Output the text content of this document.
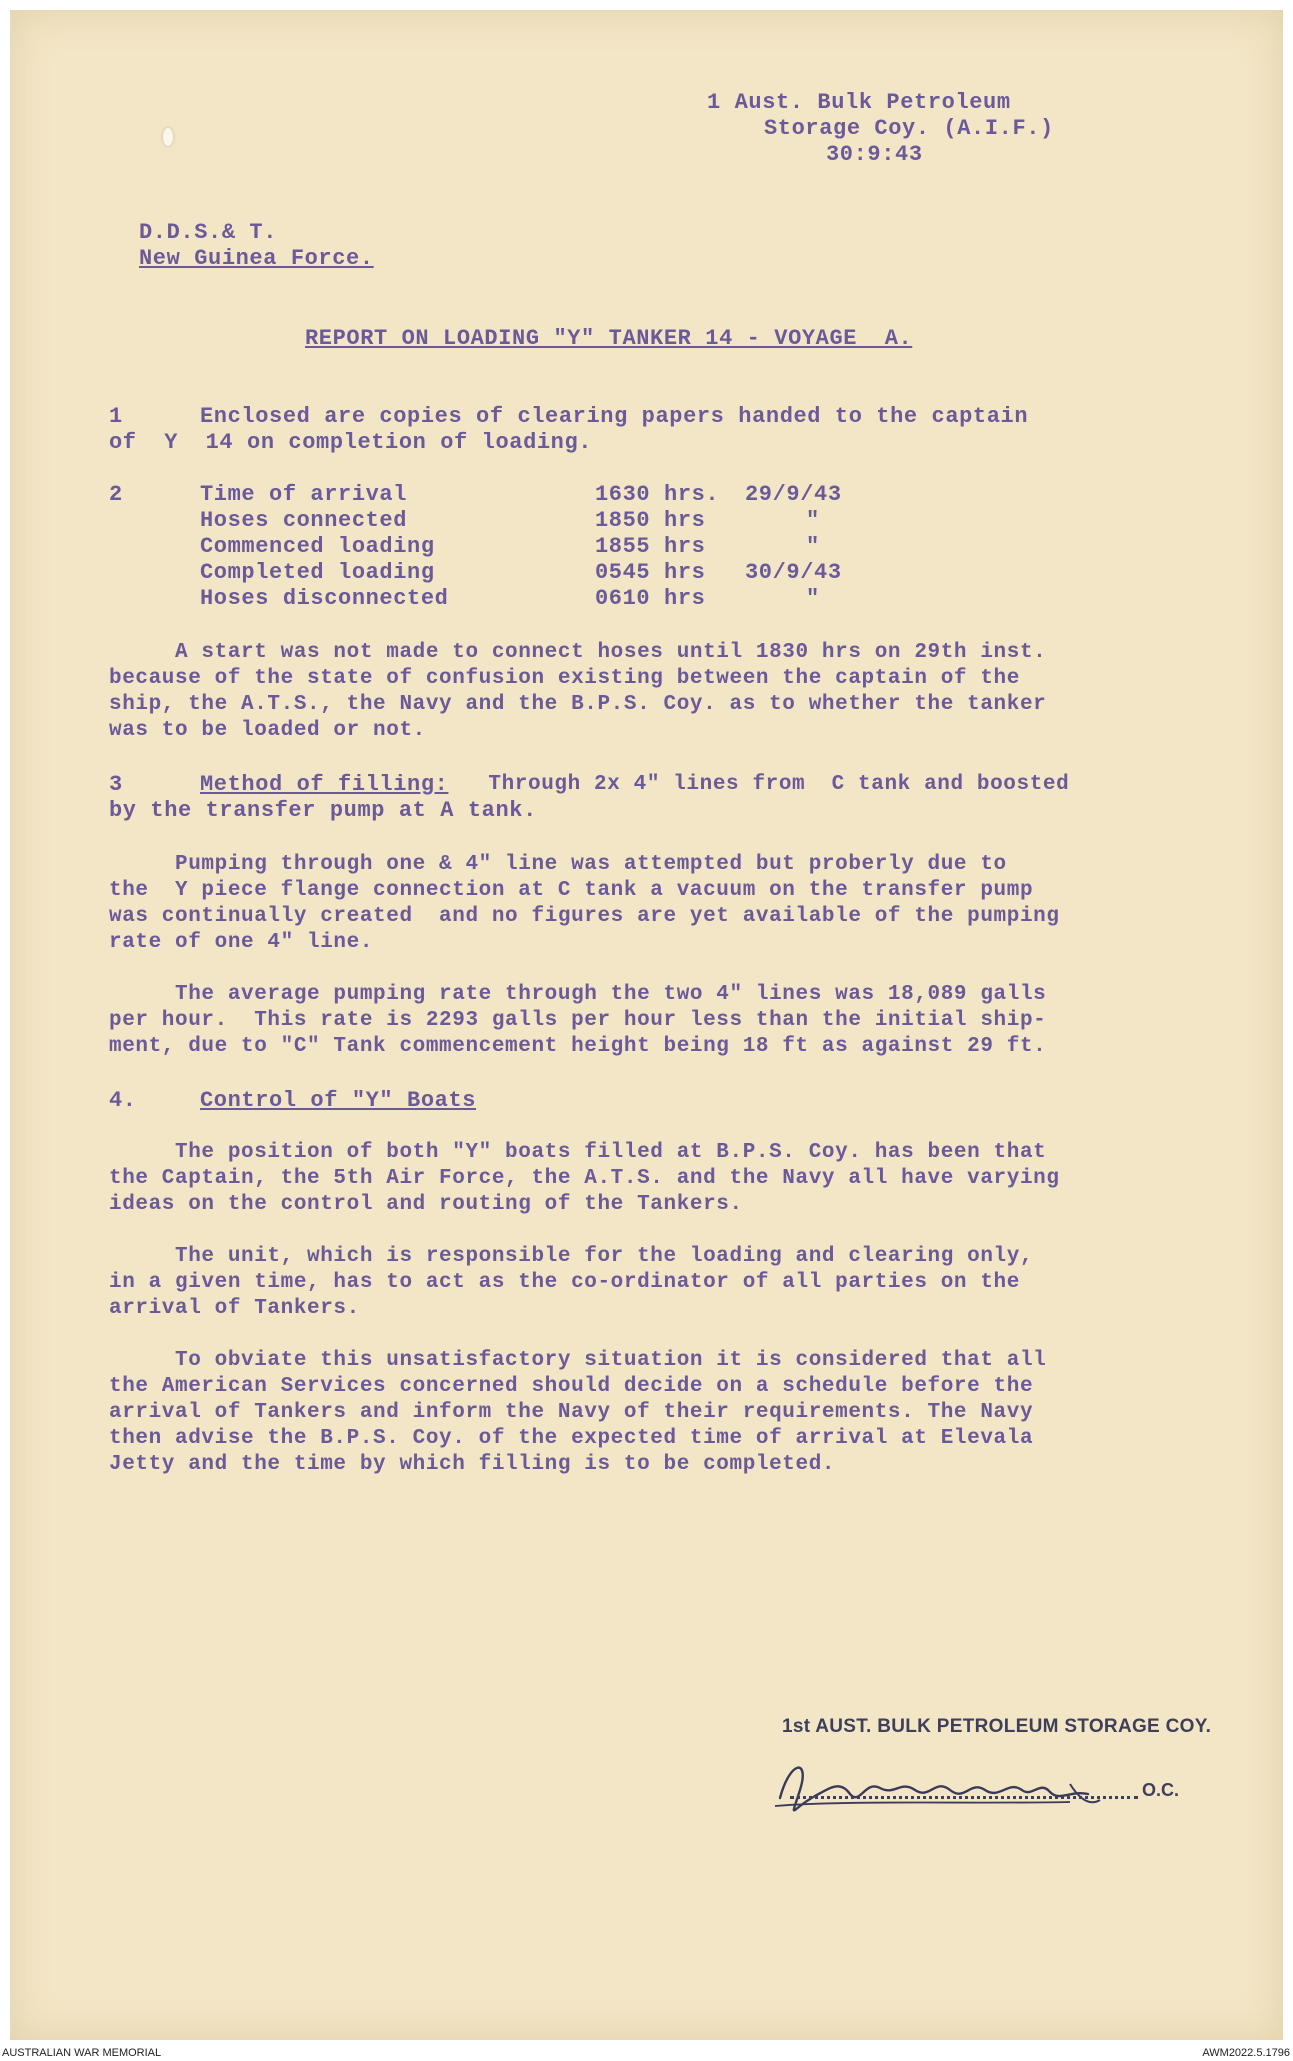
1 Aust. Bulk Petroleum
Storage Coy. (A.I.F.)
30:9:43
D.D.S.& T.
New Guinea Force.
REPORT ON LOADING "Y" TANKER 14 - VOYAGE  A.
1	Enclosed are copies of clearing papers handed to the captain
of  Y  14 on completion of loading.
2	Time of arrival	1630 hrs. 29/9/43
Hoses connected	1850 hrs	"
Commenced loading	1855 hrs	"
Completed loading	0545 hrs 30/9/43
Hoses disconnected	0610 hrs	"
A start was not made to connect hoses until 1830 hrs on 29th inst.
because of the state of confusion existing between the captain of the
ship, the A.T.S., the Navy and the B.P.S. Coy. as to whether the tanker
was to be loaded or not.
3	Method of filling: Through 2x 4" lines from  C tank and boosted
by the transfer pump at A tank.
Pumping through one & 4" line was attempted but proberly due to
the  Y piece flange connection at C tank a vacuum on the transfer pump
was continually created  and no figures are yet available of the pumping
rate of one 4" line.
The average pumping rate through the two 4" lines was 18,089 galls
per hour.  This rate is 2293 galls per hour less than the initial ship-
ment, due to "C" Tank commencement height being 18 ft as against 29 ft.
4.	Control of "Y" Boats
The position of both "Y" boats filled at B.P.S. Coy. has been that
the Captain, the 5th Air Force, the A.T.S. and the Navy all have varying
ideas on the control and routing of the Tankers.
The unit, which is responsible for the loading and clearing only,
in a given time, has to act as the co-ordinator of all parties on the
arrival of Tankers.
To obviate this unsatisfactory situation it is considered that all
the American Services concerned should decide on a schedule before the
arrival of Tankers and inform the Navy of their requirements. The Navy
then advise the B.P.S. Coy. of the expected time of arrival at Elevala
Jetty and the time by which filling is to be completed.
1st AUST. BULK PETROLEUM STORAGE COY.
O.C.
AUSTRALIAN WAR MEMORIAL	AWM2022.5.1796
